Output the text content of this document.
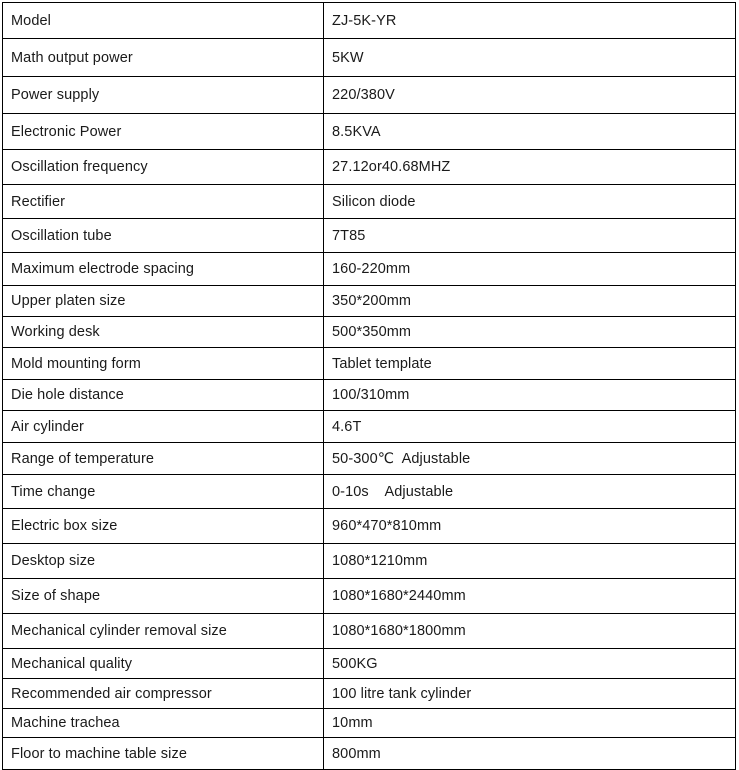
Model	ZJ-5K-YR
Math output power	5KW
Power supply	220/380V
Electronic Power	8.5KVA
Oscillation frequency	27.12or40.68MHZ
Rectifier	Silicon diode
Oscillation tube	7T85
Maximum electrode spacing	160-220mm
Upper platen size	350*200mm
Working desk	500*350mm
Mold mounting form	Tablet template
Die hole distance	100/310mm
Air cylinder	4.6T
Range of temperature	50-300℃  Adjustable
Time change	0-10s    Adjustable
Electric box size	960*470*810mm
Desktop size	1080*1210mm
Size of shape	1080*1680*2440mm
Mechanical cylinder removal size	1080*1680*1800mm
Mechanical quality	500KG
Recommended air compressor	100 litre tank cylinder
Machine trachea	10mm
Floor to machine table size	800mm
